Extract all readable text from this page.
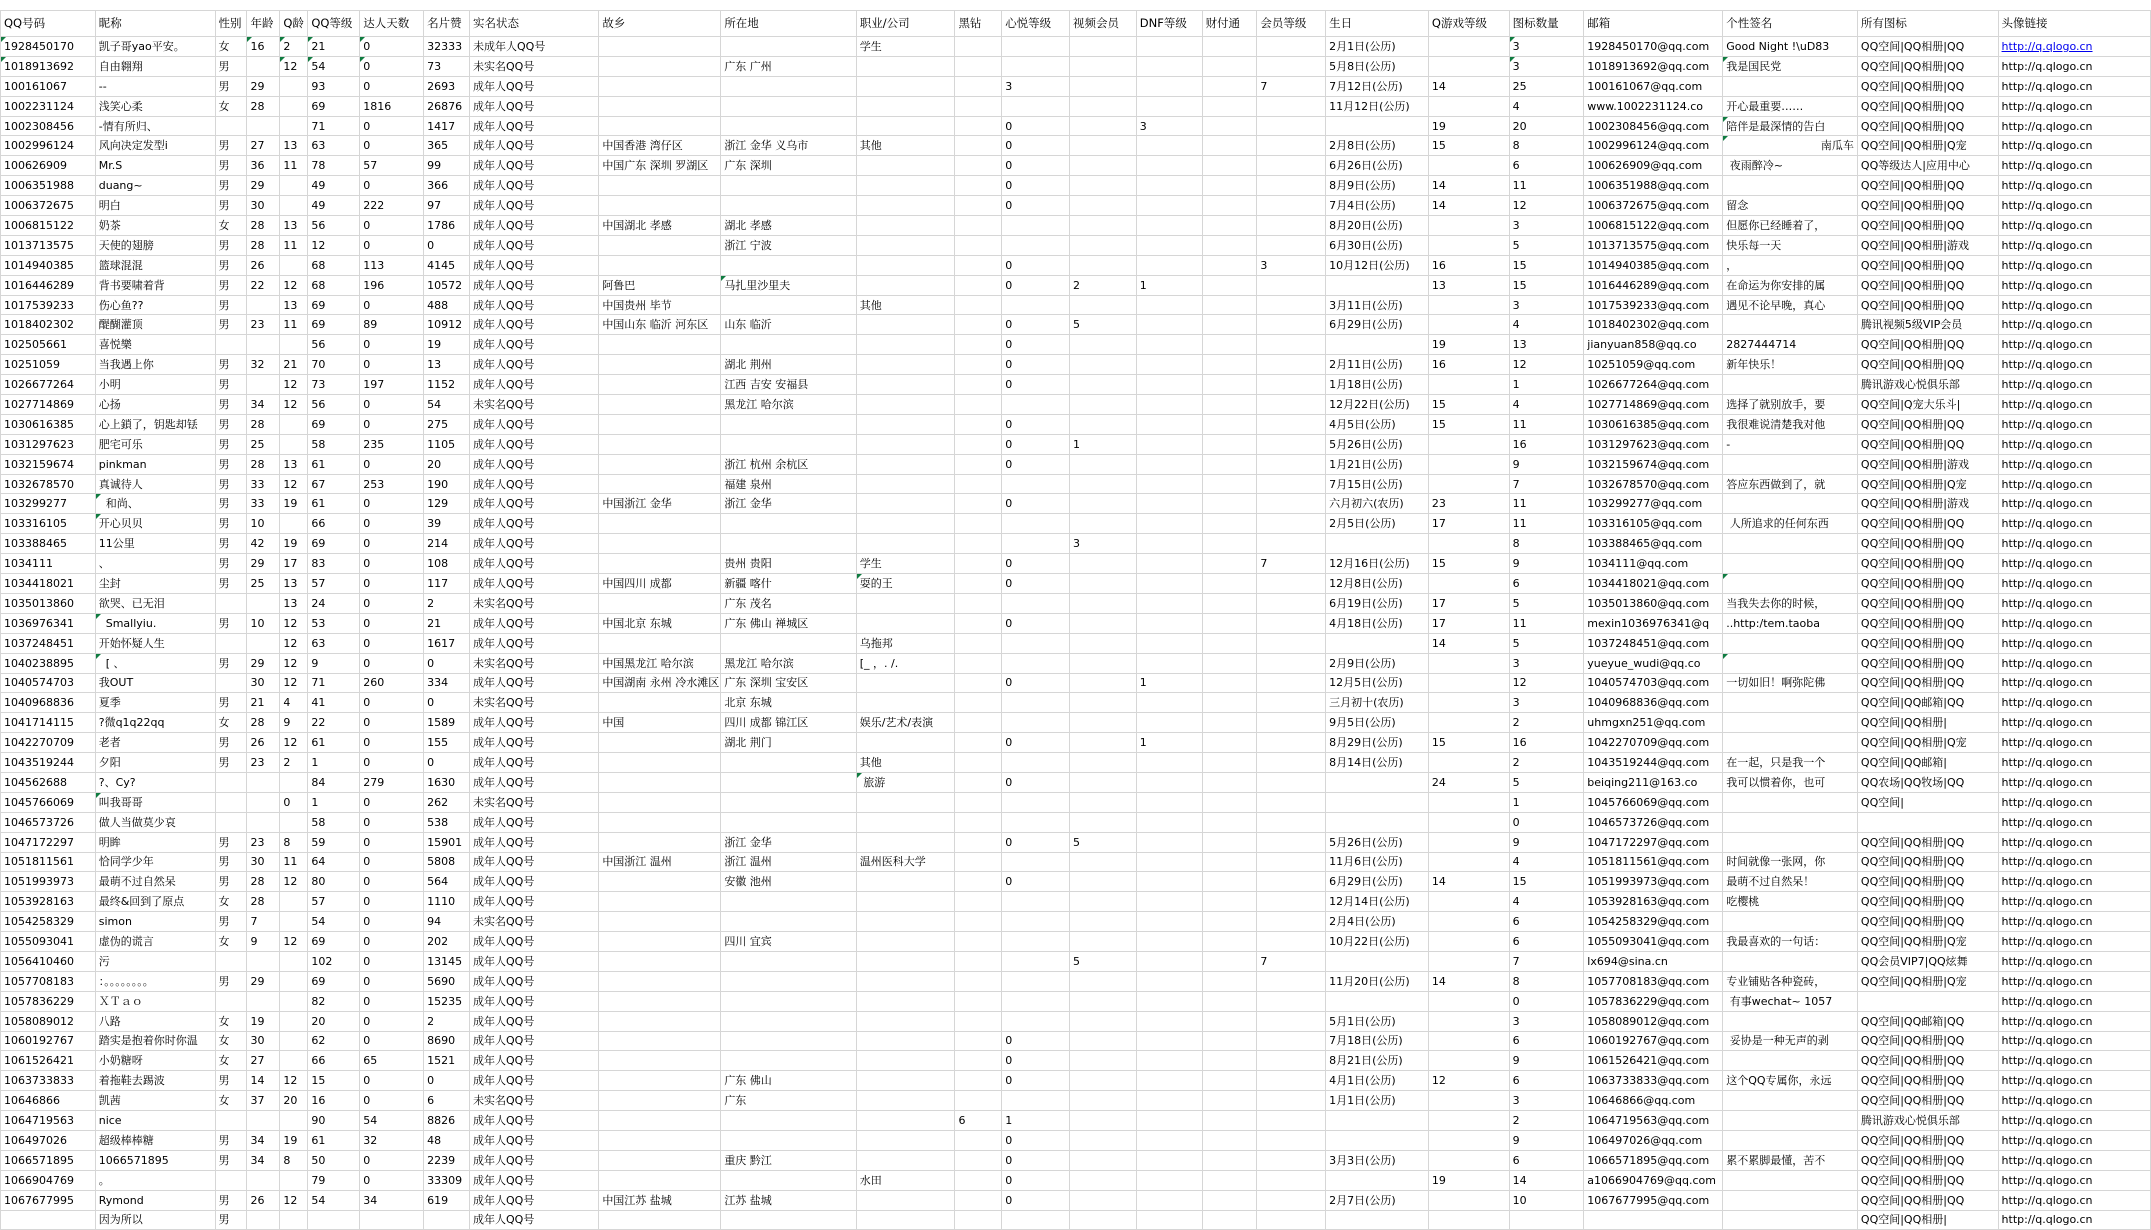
QQ号码	昵称	性别	年龄	Q龄	QQ等级	达人天数	名片赞	实名状态	故乡	所在地	职业/公司	黑钻	心悦等级	视频会员	DNF等级	财付通	会员等级	生日	Q游戏等级	图标数量	邮箱	个性签名	所有图标	头像链接
1928450170	凯子哥yao平安。	女	16	2	21	0	32333	未成年人QQ号			学生							2月1日(公历)		3	1928450170@qq.com	Good Night !\uD83	QQ空间|QQ相册|QQ	http://q.qlogo.cn
1018913692	自由翱翔	男		12	54	0	73	未实名QQ号		广东 广州								5月8日(公历)		3	1018913692@qq.com	我是国民党	QQ空间|QQ相册|QQ	http://q.qlogo.cn
100161067	--	男	29		93	0	2693	成年人QQ号					3				7	7月12日(公历)	14	25	100161067@qq.com		QQ空间|QQ相册|QQ	http://q.qlogo.cn
1002231124	浅笑心柔	女	28		69	1816	26876	成年人QQ号										11月12日(公历)		4	www.1002231124.co	开心最重要……	QQ空间|QQ相册|QQ	http://q.qlogo.cn
1002308456	-情有所归、				71	0	1417	成年人QQ号					0		3				19	20	1002308456@qq.com	陪伴是最深情的告白	QQ空间|QQ相册|QQ	http://q.qlogo.cn
1002996124	风向决定发型i	男	27	13	63	0	365	成年人QQ号	中国香港 湾仔区	浙江 金华 义乌市	其他		0					2月8日(公历)	15	8	1002996124@qq.com	南瓜车	QQ空间|QQ相册|Q宠	http://q.qlogo.cn
100626909	Mr.S	男	36	11	78	57	99	成年人QQ号	中国广东 深圳 罗湖区	广东 深圳			0					6月26日(公历)		6	100626909@qq.com	夜雨醉冷~	QQ等级达人|应用中心	http://q.qlogo.cn
1006351988	duang~	男	29		49	0	366	成年人QQ号					0					8月9日(公历)	14	11	1006351988@qq.com		QQ空间|QQ相册|QQ	http://q.qlogo.cn
1006372675	明白	男	30		49	222	97	成年人QQ号					0					7月4日(公历)	14	12	1006372675@qq.com	留念	QQ空间|QQ相册|QQ	http://q.qlogo.cn
1006815122	奶茶	女	28	13	56	0	1786	成年人QQ号	中国湖北 孝感	湖北 孝感								8月20日(公历)		3	1006815122@qq.com	但愿你已经睡着了，	QQ空间|QQ相册|QQ	http://q.qlogo.cn
1013713575	天使的翅膀	男	28	11	12	0	0	成年人QQ号		浙江 宁波								6月30日(公历)		5	1013713575@qq.com	快乐每一天	QQ空间|QQ相册|游戏	http://q.qlogo.cn
1014940385	篮球混混	男	26		68	113	4145	成年人QQ号					0				3	10月12日(公历)	16	15	1014940385@qq.com	，	QQ空间|QQ相册|QQ	http://q.qlogo.cn
1016446289	背书要啸着背	男	22	12	68	196	10572	成年人QQ号	阿鲁巴	马扎里沙里夫			0	2	1				13	15	1016446289@qq.com	在命运为你安排的属	QQ空间|QQ相册|QQ	http://q.qlogo.cn
1017539233	伤心鱼??	男		13	69	0	488	成年人QQ号	中国贵州 毕节		其他							3月11日(公历)		3	1017539233@qq.com	遇见不论早晚，真心	QQ空间|QQ相册|QQ	http://q.qlogo.cn
1018402302	醍醐灌顶	男	23	11	69	89	10912	成年人QQ号	中国山东 临沂 河东区	山东 临沂			0	5				6月29日(公历)		4	1018402302@qq.com		腾讯视频5级VIP会员	http://q.qlogo.cn
102505661	喜悦樂				56	0	19	成年人QQ号					0						19	13	jianyuan858@qq.co	2827444714	QQ空间|QQ相册|QQ	http://q.qlogo.cn
10251059	当我遇上你	男	32	21	70	0	13	成年人QQ号		湖北 荆州			0					2月11日(公历)	16	12	10251059@qq.com	新年快乐！	QQ空间|QQ相册|QQ	http://q.qlogo.cn
1026677264	小明	男		12	73	197	1152	成年人QQ号		江西 吉安 安福县			0					1月18日(公历)		1	1026677264@qq.com		腾讯游戏心悦俱乐部	http://q.qlogo.cn
1027714869	心扬	男	34	12	56	0	54	未实名QQ号		黑龙江 哈尔滨								12月22日(公历)	15	4	1027714869@qq.com	选择了就别放手，要	QQ空间|Q宠大乐斗|	http://q.qlogo.cn
1030616385	心上鎖了，钥匙却铥	男	28		69	0	275	成年人QQ号					0					4月5日(公历)	15	11	1030616385@qq.com	我很难说清楚我对他	QQ空间|QQ相册|QQ	http://q.qlogo.cn
1031297623	肥宅可乐	男	25		58	235	1105	成年人QQ号					0	1				5月26日(公历)		16	1031297623@qq.com	-	QQ空间|QQ相册|QQ	http://q.qlogo.cn
1032159674	pinkman	男	28	13	61	0	20	成年人QQ号		浙江 杭州 余杭区			0					1月21日(公历)		9	1032159674@qq.com		QQ空间|QQ相册|游戏	http://q.qlogo.cn
1032678570	真诚待人	男	33	12	67	253	190	成年人QQ号		福建 泉州								7月15日(公历)		7	1032678570@qq.com	答应东西做到了，就	QQ空间|QQ相册|Q宠	http://q.qlogo.cn
103299277	和尚、	男	33	19	61	0	129	成年人QQ号	中国浙江 金华	浙江 金华			0					六月初六(农历)	23	11	103299277@qq.com		QQ空间|QQ相册|游戏	http://q.qlogo.cn
103316105	开心贝贝	男	10		66	0	39	成年人QQ号										2月5日(公历)	17	11	103316105@qq.com	人所追求的任何东西	QQ空间|QQ相册|QQ	http://q.qlogo.cn
103388465	11公里	男	42	19	69	0	214	成年人QQ号						3						8	103388465@qq.com		QQ空间|QQ相册|QQ	http://q.qlogo.cn
1034111	、	男	29	17	83	0	108	成年人QQ号		贵州 贵阳	学生		0				7	12月16日(公历)	15	9	1034111@qq.com		QQ空间|QQ相册|QQ	http://q.qlogo.cn
1034418021	尘封	男	25	13	57	0	117	成年人QQ号	中国四川 成都	新疆 喀什	耍的王		0					12月8日(公历)		6	1034418021@qq.com		QQ空间|QQ相册|QQ	http://q.qlogo.cn
1035013860	欲哭、已无泪			13	24	0	2	未实名QQ号		广东 茂名								6月19日(公历)	17	5	1035013860@qq.com	当我失去你的时候，	QQ空间|QQ相册|QQ	http://q.qlogo.cn
1036976341	Smallyiu.	男	10	12	53	0	21	成年人QQ号	中国北京 东城	广东 佛山 禅城区			0					4月18日(公历)	17	11	mexin1036976341@q	..http:/tem.taoba	QQ空间|QQ相册|QQ	http://q.qlogo.cn
1037248451	开始怀疑人生			12	63	0	1617	成年人QQ号			乌拖邦								14	5	1037248451@qq.com		QQ空间|QQ相册|QQ	http://q.qlogo.cn
1040238895	[ 、	男	29	12	9	0	0	未实名QQ号	中国黑龙江 哈尔滨	黑龙江 哈尔滨	[_ ，. /.							2月9日(公历)		3	yueyue_wudi@qq.co		QQ空间|QQ相册|QQ	http://q.qlogo.cn
1040574703	我OUT		30	12	71	260	334	成年人QQ号	中国湖南 永州 冷水滩区	广东 深圳 宝安区			0		1			12月5日(公历)		12	1040574703@qq.com	一切如旧！啊弥陀佛	QQ空间|QQ相册|QQ	http://q.qlogo.cn
1040968836	夏季	男	21	4	41	0	0	未实名QQ号		北京 东城								三月初十(农历)		3	1040968836@qq.com		QQ空间|QQ邮箱|QQ	http://q.qlogo.cn
1041714115	?微q1q22qq	女	28	9	22	0	1589	成年人QQ号	中国	四川 成都 锦江区	娱乐/艺术/表演							9月5日(公历)		2	uhmgxn251@qq.com		QQ空间|QQ相册|	http://q.qlogo.cn
1042270709	老者	男	26	12	61	0	155	成年人QQ号		湖北 荆门			0		1			8月29日(公历)	15	16	1042270709@qq.com		QQ空间|QQ相册|Q宠	http://q.qlogo.cn
1043519244	夕阳	男	23	2	1	0	0	成年人QQ号			其他							8月14日(公历)		2	1043519244@qq.com	在一起，只是我一个	QQ空间|QQ邮箱|	http://q.qlogo.cn
104562688	?、Cy?				84	279	1630	成年人QQ号			旅游		0						24	5	beiqing211@163.co	我可以惯着你，也可	QQ农场|QQ牧场|QQ	http://q.qlogo.cn
1045766069	叫我哥哥			0	1	0	262	未实名QQ号												1	1045766069@qq.com		QQ空间|	http://q.qlogo.cn
1046573726	做人当做莫少哀				58	0	538	成年人QQ号												0	1046573726@qq.com			http://q.qlogo.cn
1047172297	明眸	男	23	8	59	0	15901	成年人QQ号		浙江 金华			0	5				5月26日(公历)		9	1047172297@qq.com		QQ空间|QQ相册|QQ	http://q.qlogo.cn
1051811561	恰同学少年	男	30	11	64	0	5808	成年人QQ号	中国浙江 温州	浙江 温州	温州医科大学							11月6日(公历)		4	1051811561@qq.com	时间就像一张网，你	QQ空间|QQ相册|QQ	http://q.qlogo.cn
1051993973	最萌不过自然呆	男	28	12	80	0	564	成年人QQ号		安徽 池州			0					6月29日(公历)	14	15	1051993973@qq.com	最萌不过自然呆！	QQ空间|QQ相册|QQ	http://q.qlogo.cn
1053928163	最终&回到了原点	女	28		57	0	1110	成年人QQ号										12月14日(公历)		4	1053928163@qq.com	吃樱桃	QQ空间|QQ相册|QQ	http://q.qlogo.cn
1054258329	simon	男	7		54	0	94	未实名QQ号										2月4日(公历)		6	1054258329@qq.com		QQ空间|QQ相册|QQ	http://q.qlogo.cn
1055093041	虚伪的谎言	女	9	12	69	0	202	成年人QQ号		四川 宜宾								10月22日(公历)		6	1055093041@qq.com	我最喜欢的一句话：	QQ空间|QQ相册|Q宠	http://q.qlogo.cn
1056410460	污				102	0	13145	成年人QQ号						5			7			7	lx694@sina.cn		QQ会员VIP7|QQ炫舞	http://q.qlogo.cn
1057708183	：。。。。。。。。	男	29		69	0	5690	成年人QQ号										11月20日(公历)	14	8	1057708183@qq.com	专业铺贴各种瓷砖，	QQ空间|QQ相册|Q宠	http://q.qlogo.cn
1057836229	ＸＴａｏ				82	0	15235	成年人QQ号												0	1057836229@qq.com	有事wechat~ 1057		http://q.qlogo.cn
1058089012	八路	女	19		20	0	2	成年人QQ号										5月1日(公历)		3	1058089012@qq.com		QQ空间|QQ邮箱|QQ	http://q.qlogo.cn
1060192767	踏实是抱着你时你温	女	30		62	0	8690	成年人QQ号					0					7月18日(公历)		6	1060192767@qq.com	妥协是一种无声的剥	QQ空间|QQ相册|QQ	http://q.qlogo.cn
1061526421	小奶糖呀	女	27		66	65	1521	成年人QQ号					0					8月21日(公历)		9	1061526421@qq.com		QQ空间|QQ相册|QQ	http://q.qlogo.cn
1063733833	着拖鞋去踢波	男	14	12	15	0	0	成年人QQ号		广东 佛山			0					4月1日(公历)	12	6	1063733833@qq.com	这个QQ专属你，永远	QQ空间|QQ相册|QQ	http://q.qlogo.cn
10646866	凯茜	女	37	20	16	0	6	未实名QQ号		广东								1月1日(公历)		3	10646866@qq.com		QQ空间|QQ相册|QQ	http://q.qlogo.cn
1064719563	nice				90	54	8826	成年人QQ号				6	1							2	1064719563@qq.com		腾讯游戏心悦俱乐部	http://q.qlogo.cn
106497026	超级棒棒糖	男	34	19	61	32	48	成年人QQ号					0							9	106497026@qq.com		QQ空间|QQ相册|QQ	http://q.qlogo.cn
1066571895	1066571895	男	34	8	50	0	2239	成年人QQ号		重庆 黔江			0					3月3日(公历)		6	1066571895@qq.com	累不累脚最懂，苦不	QQ空间|QQ相册|QQ	http://q.qlogo.cn
1066904769	。				79	0	33309	成年人QQ号			水田		0						19	14	a1066904769@qq.com		QQ空间|QQ相册|QQ	http://q.qlogo.cn
1067677995	Rymond	男	26	12	54	34	619	成年人QQ号	中国江苏 盐城	江苏 盐城			0					2月7日(公历)		10	1067677995@qq.com		QQ空间|QQ相册|QQ	http://q.qlogo.cn
	因为所以	男						成年人QQ号															QQ空间|QQ相册|	http://q.qlogo.cn
